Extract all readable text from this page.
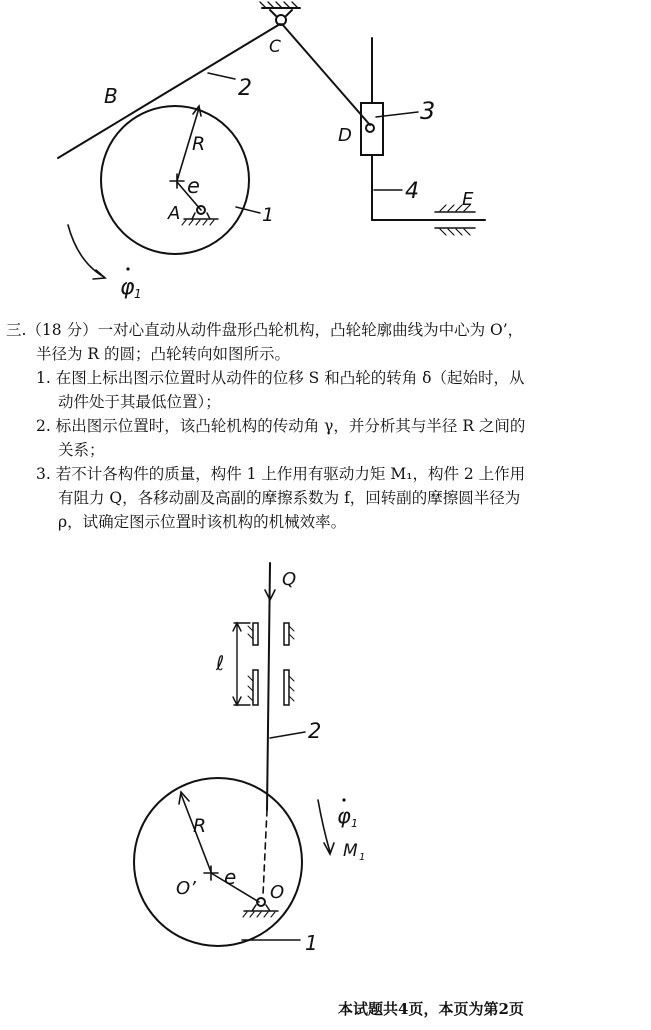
B	2
C
R
e
A	1
φ 1
D
3
4 E
Q
ℓ
2
R
O’ e
O
φ 1
M 1
1

三.（18 分）一对心直动从动件盘形凸轮机构，凸轮轮廓曲线为中心为 O’，

半径为 R 的圆；凸轮转向如图所示。

1. 在图上标出图示位置时从动件的位移 S 和凸轮的转角 δ（起始时，从

动件处于其最低位置）；

2. 标出图示位置时，该凸轮机构的传动角 γ，并分析其与半径 R 之间的

关系；

3. 若不计各构件的质量，构件 1 上作用有驱动力矩 M₁，构件 2 上作用

有阻力 Q，各移动副及高副的摩擦系数为 f，回转副的摩擦圆半径为

ρ，试确定图示位置时该机构的机械效率。

本试题共4页，本页为第2页
